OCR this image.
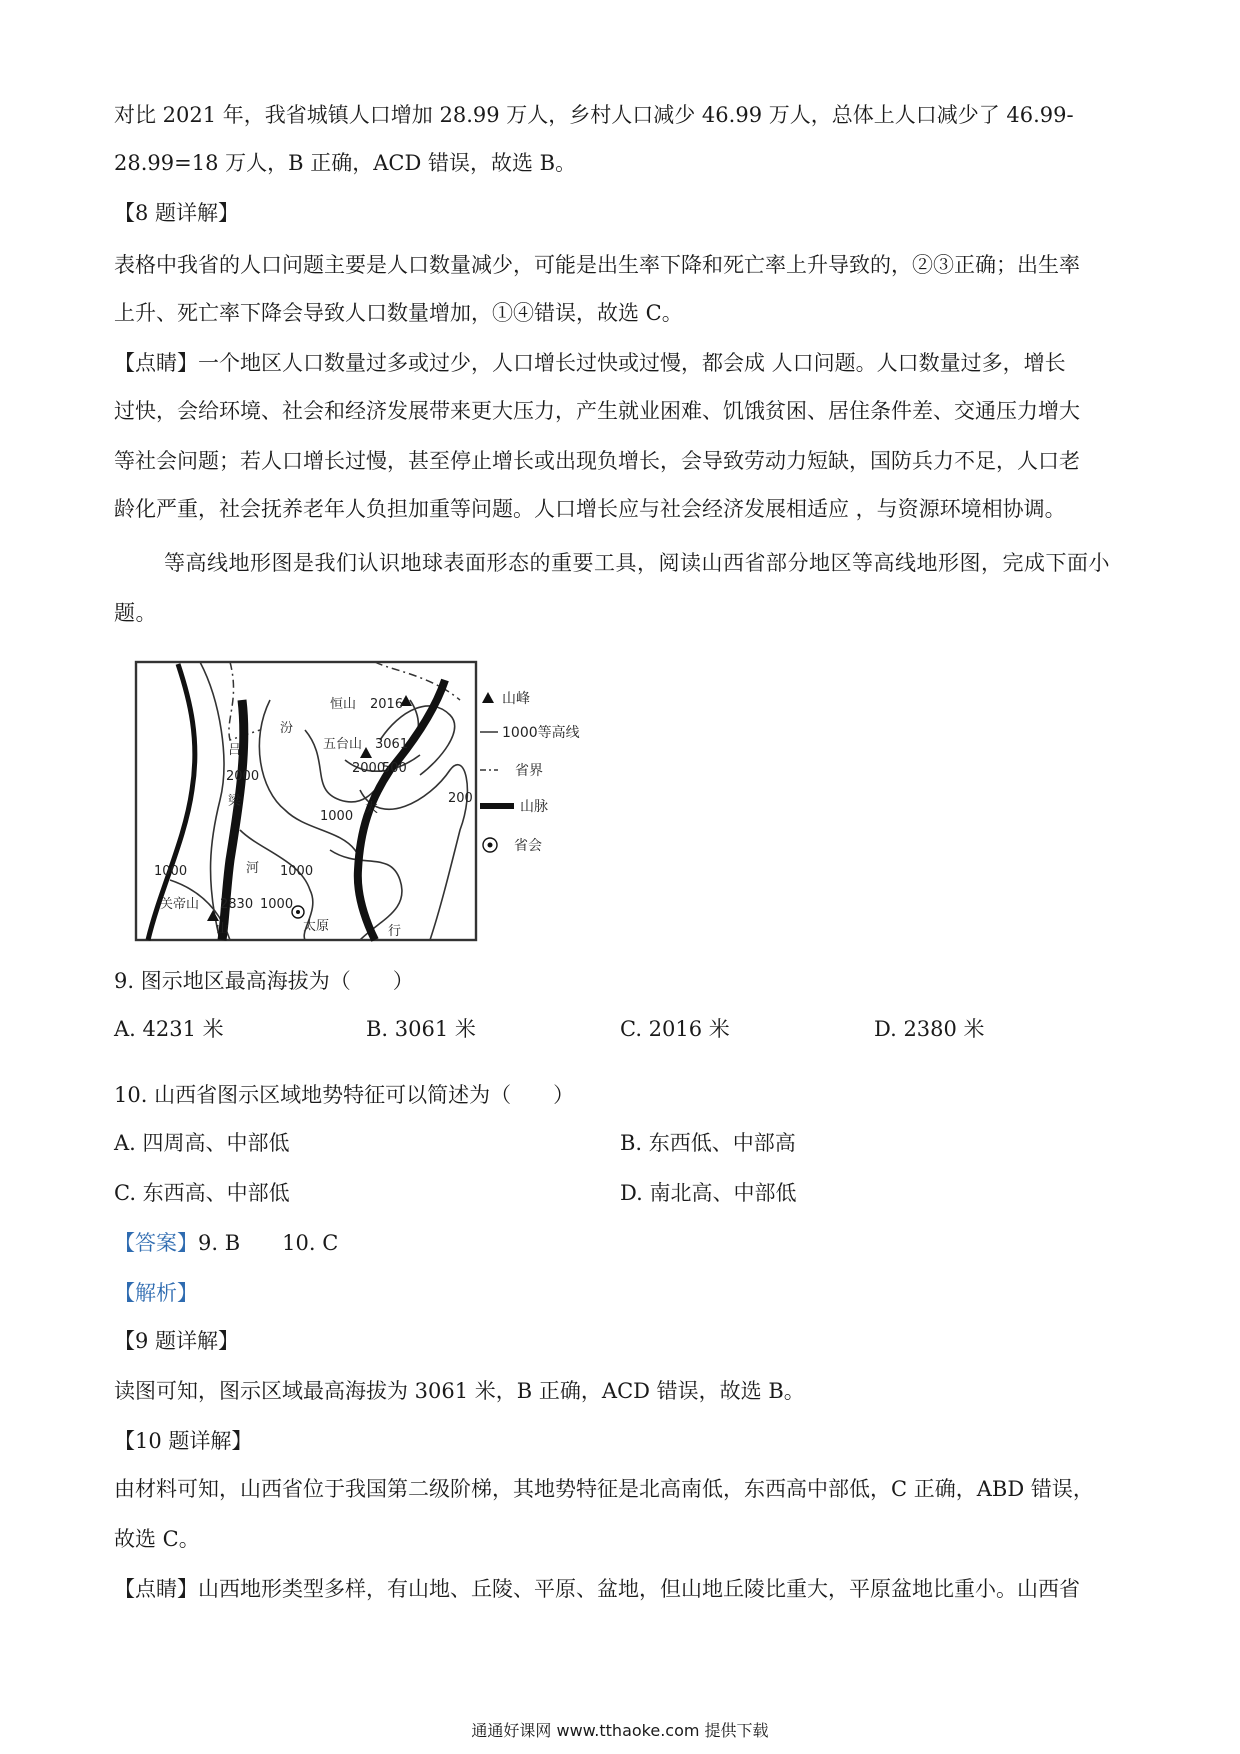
对比 2021 年，我省城镇人口增加 28.99 万人，乡村人口减少 46.99 万人，总体上人口减少了 46.99-
28.99=18 万人，B 正确，ACD 错误，故选 B。
【8 题详解】
表格中我省的人口问题主要是人口数量减少，可能是出生率下降和死亡率上升导致的，②③正确；出生率
上升、死亡率下降会导致人口数量增加，①④错误，故选 C。
【点睛】一个地区人口数量过多或过少，人口增长过快或过慢，都会成 人口问题。人口数量过多，增长
过快，会给环境、社会和经济发展带来更大压力，产生就业困难、饥饿贫困、居住条件差、交通压力增大
等社会问题；若人口增长过慢，甚至停止增长或出现负增长，会导致劳动力短缺，国防兵力不足，人口老
龄化严重，社会抚养老年人负担加重等问题。人口增长应与社会经济发展相适应 ，与资源环境相协调。
等高线地形图是我们认识地球表面形态的重要工具，阅读山西省部分地区等高线地形图，完成下面小
题。
恒山 2016
五台山 3061
吕
梁
汾
河
山
关帝山 2830
太原
2000
2000
1000	1000
1000
1000
500
200
太
行
山峰
1000等高线
省界
山脉
省会
9. 图示地区最高海拔为（　　）
A. 4231 米	B. 3061 米	C. 2016 米	D. 2380 米
10. 山西省图示区域地势特征可以简述为（　　）
A. 四周高、中部低	B. 东西低、中部高
C. 东西高、中部低	D. 南北高、中部低
【答案】9. B　　10. C
【解析】
【9 题详解】
读图可知，图示区域最高海拔为 3061 米，B 正确，ACD 错误，故选 B。
【10 题详解】
由材料可知，山西省位于我国第二级阶梯，其地势特征是北高南低，东西高中部低，C 正确，ABD 错误，
故选 C。
【点睛】山西地形类型多样，有山地、丘陵、平原、盆地，但山地丘陵比重大，平原盆地比重小。山西省
通通好课网 www.tthaoke.com 提供下载
